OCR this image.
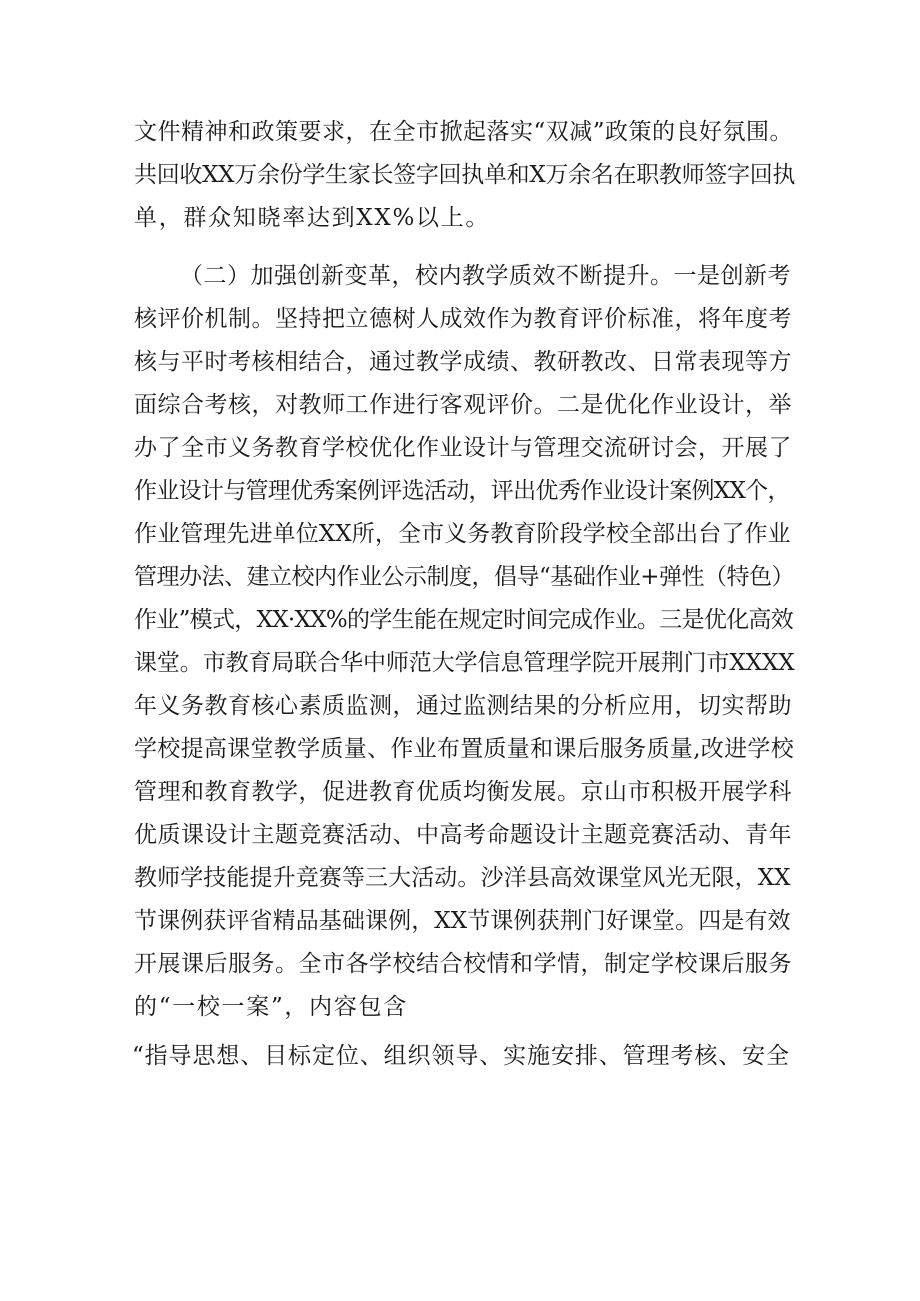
文件精神和政策要求，在全市掀起落实“双减”政策的良好氛围。

共回收XX万余份学生家长签字回执单和X万余名在职教师签字回执

单，群众知晓率达到XX%以上。

（二）加强创新变革，校内教学质效不断提升。一是创新考

核评价机制。坚持把立德树人成效作为教育评价标准，将年度考

核与平时考核相结合，通过教学成绩、教研教改、日常表现等方

面综合考核，对教师工作进行客观评价。二是优化作业设计，举

办了全市义务教育学校优化作业设计与管理交流研讨会，开展了

作业设计与管理优秀案例评选活动，评出优秀作业设计案例XX个，

作业管理先进单位XX所，全市义务教育阶段学校全部出台了作业

管理办法、建立校内作业公示制度，倡导“基础作业+弹性（特色）

作业”模式，XX·XX%的学生能在规定时间完成作业。三是优化高效

课堂。市教育局联合华中师范大学信息管理学院开展荆门市XXXX

年义务教育核心素质监测，通过监测结果的分析应用，切实帮助

学校提高课堂教学质量、作业布置质量和课后服务质量,改进学校

管理和教育教学，促进教育优质均衡发展。京山市积极开展学科

优质课设计主题竞赛活动、中高考命题设计主题竞赛活动、青年

教师学技能提升竞赛等三大活动。沙洋县高效课堂风光无限，XX

节课例获评省精品基础课例，XX节课例获荆门好课堂。四是有效

开展课后服务。全市各学校结合校情和学情，制定学校课后服务

的“一校一案”，内容包含

“指导思想、目标定位、组织领导、实施安排、管理考核、安全
